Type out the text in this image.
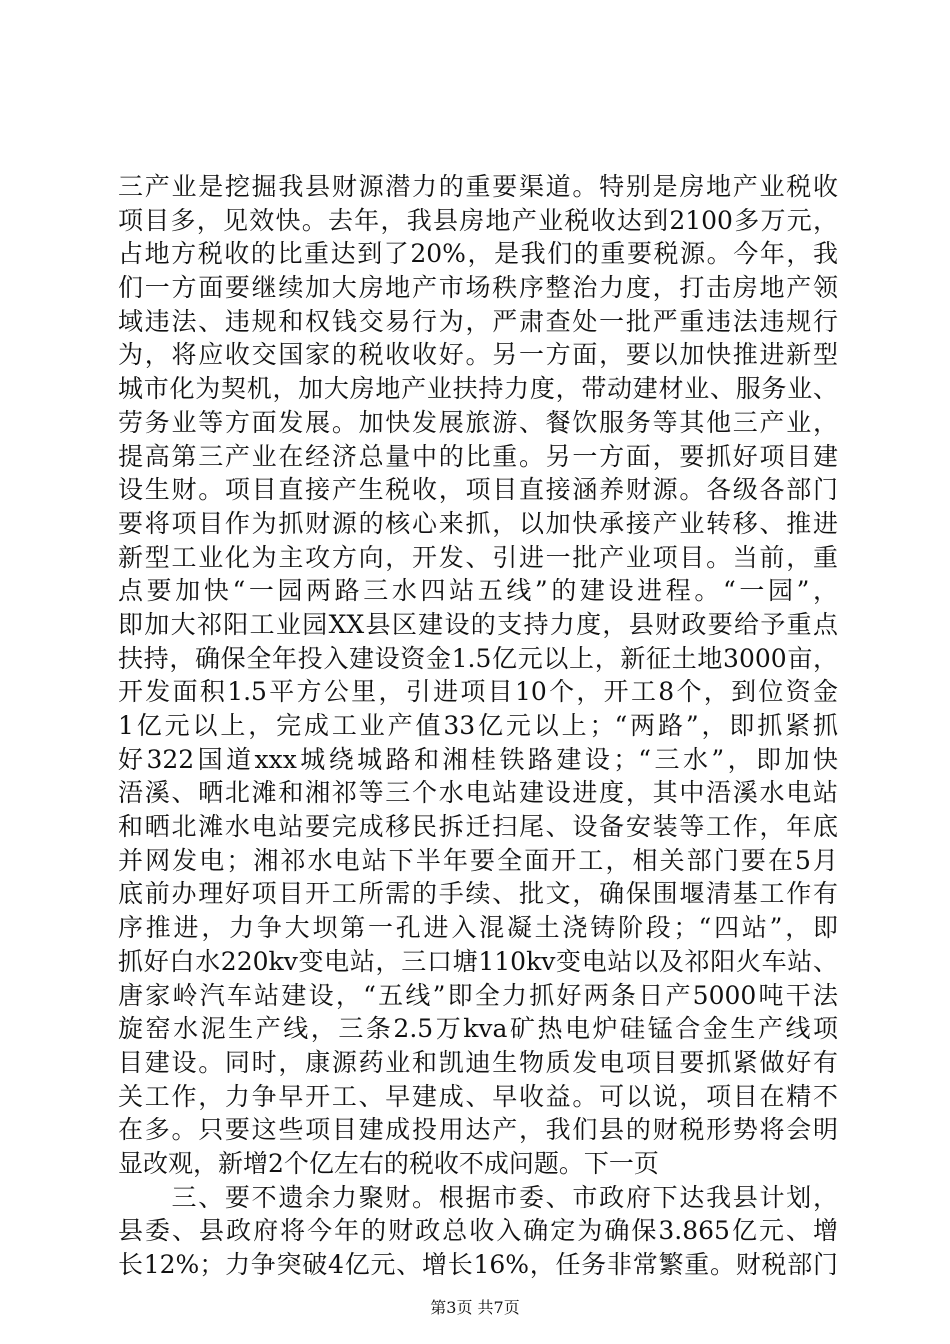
三产业是挖掘我县财源潜力的重要渠道。特别是房地产业税收
项目多，见效快。去年，我县房地产业税收达到2100多万元，
占地方税收的比重达到了20%，是我们的重要税源。今年，我
们一方面要继续加大房地产市场秩序整治力度，打击房地产领
域违法、违规和权钱交易行为，严肃查处一批严重违法违规行
为，将应收交国家的税收收好。另一方面，要以加快推进新型
城市化为契机，加大房地产业扶持力度，带动建材业、服务业、
劳务业等方面发展。加快发展旅游、餐饮服务等其他三产业，
提高第三产业在经济总量中的比重。另一方面，要抓好项目建
设生财。项目直接产生税收，项目直接涵养财源。各级各部门
要将项目作为抓财源的核心来抓，以加快承接产业转移、推进
新型工业化为主攻方向，开发、引进一批产业项目。当前，重
点要加快“一园两路三水四站五线”的建设进程。“一园”，
即加大祁阳工业园XX县区建设的支持力度，县财政要给予重点
扶持，确保全年投入建设资金1.5亿元以上，新征土地3000亩，
开发面积1.5平方公里，引进项目10个，开工8个，到位资金
1亿元以上，完成工业产值33亿元以上；“两路”，即抓紧抓
好322国道xxx城绕城路和湘桂铁路建设；“三水”，即加快
浯溪、晒北滩和湘祁等三个水电站建设进度，其中浯溪水电站
和晒北滩水电站要完成移民拆迁扫尾、设备安装等工作，年底
并网发电；湘祁水电站下半年要全面开工，相关部门要在5月
底前办理好项目开工所需的手续、批文，确保围堰清基工作有
序推进，力争大坝第一孔进入混凝土浇铸阶段；“四站”，即
抓好白水220kv变电站，三口塘110kv变电站以及祁阳火车站、
唐家岭汽车站建设，“五线”即全力抓好两条日产5000吨干法
旋窑水泥生产线，三条2.5万kva矿热电炉硅锰合金生产线项
目建设。同时，康源药业和凯迪生物质发电项目要抓紧做好有
关工作，力争早开工、早建成、早收益。可以说，项目在精不
在多。只要这些项目建成投用达产，我们县的财税形势将会明
显改观，新增2个亿左右的税收不成问题。下一页
　　三、要不遗余力聚财。根据市委、市政府下达我县计划，
县委、县政府将今年的财政总收入确定为确保3.865亿元、增
长12%；力争突破4亿元、增长16%，任务非常繁重。财税部门
第3页 共7页
